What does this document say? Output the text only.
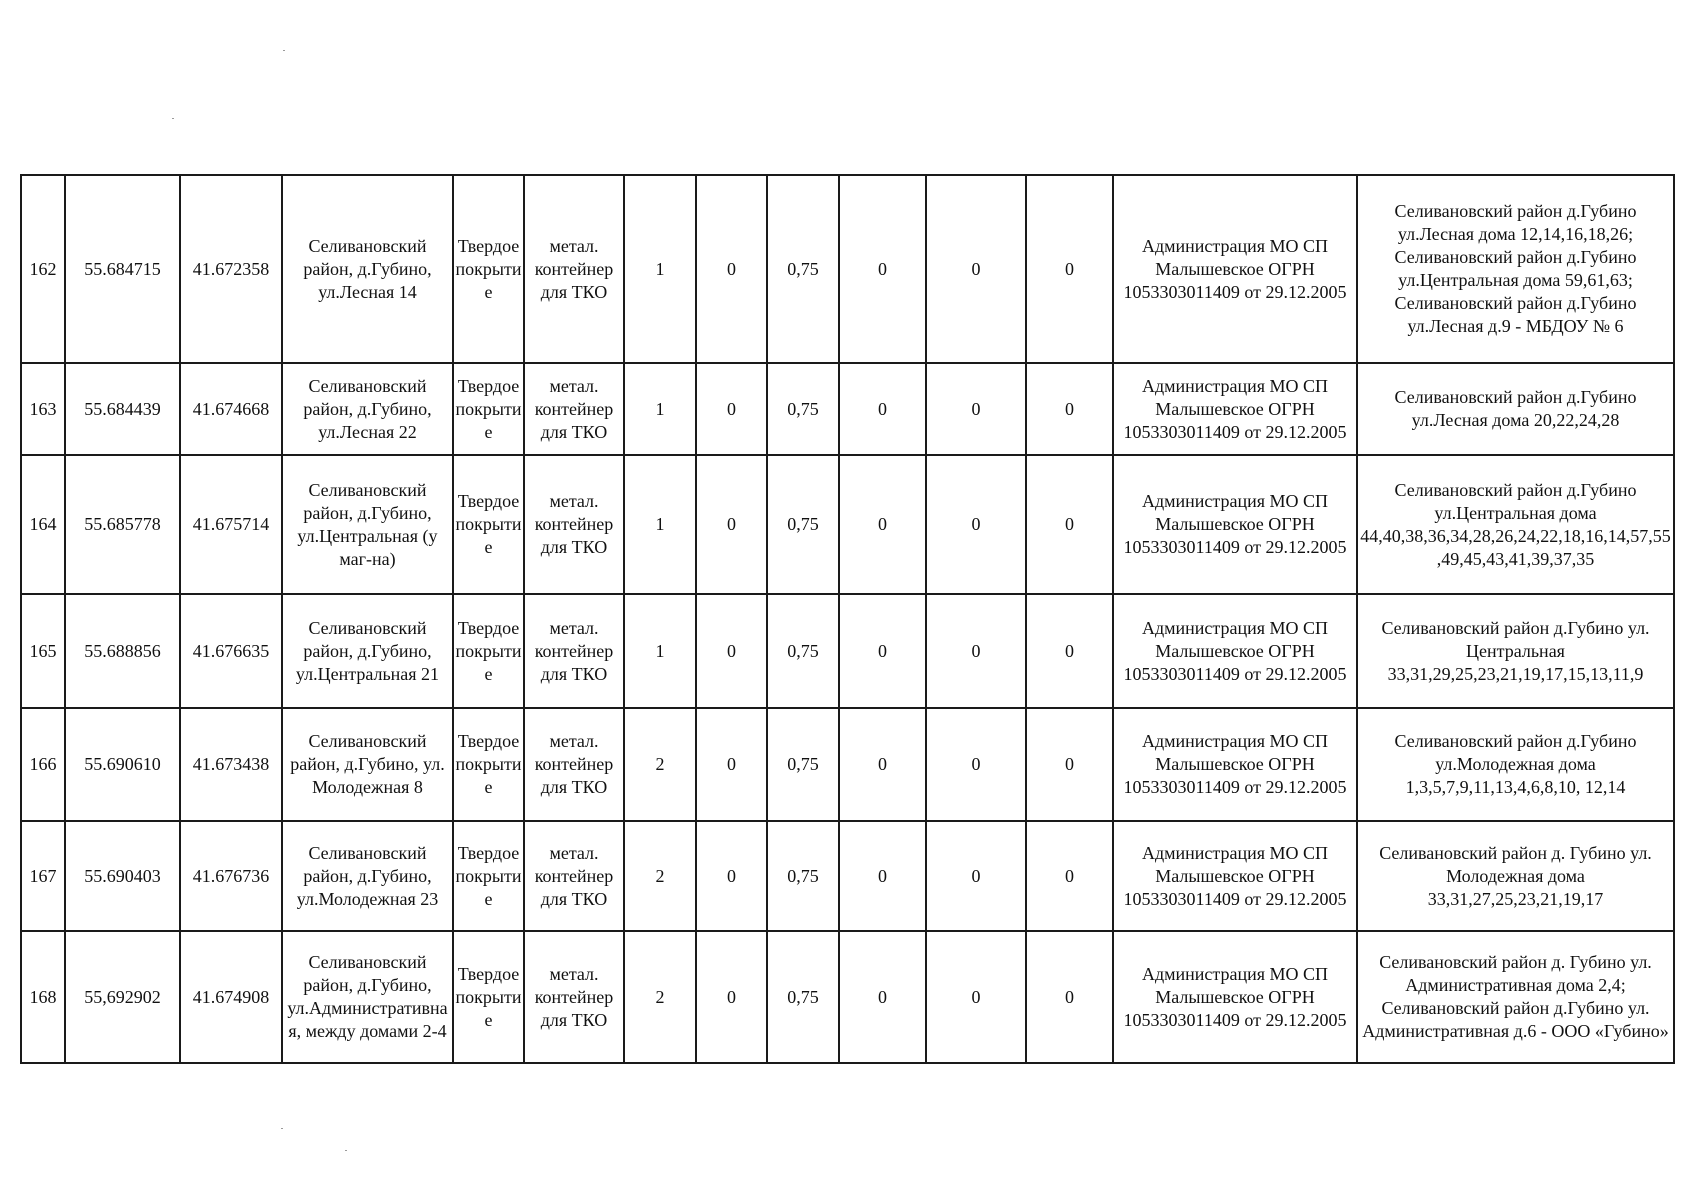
162	55.684715	41.672358	Селивановский район, д.Губино, ул.Лесная 14	Твердое покрытие	метал. контейнер для ТКО	1	0	0,75	0	0	0	Администрация МО СП Малышевское ОГРН 1053303011409 от 29.12.2005	Селивановский район д.Губино ул.Лесная дома 12,14,16,18,26; Селивановский район д.Губино ул.Центральная дома 59,61,63; Селивановский район д.Губино ул.Лесная д.9 - МБДОУ № 6
163	55.684439	41.674668	Селивановский район, д.Губино, ул.Лесная 22	Твердое покрытие	метал. контейнер для ТКО	1	0	0,75	0	0	0	Администрация МО СП Малышевское ОГРН 1053303011409 от 29.12.2005	Селивановский район д.Губино ул.Лесная дома 20,22,24,28
164	55.685778	41.675714	Селивановский район, д.Губино, ул.Центральная (у маг-на)	Твердое покрытие	метал. контейнер для ТКО	1	0	0,75	0	0	0	Администрация МО СП Малышевское ОГРН 1053303011409 от 29.12.2005	Селивановский район д.Губино ул.Центральная дома 44,40,38,36,34,28,26,24,22,18,16,14,57,55,49,45,43,41,39,37,35
165	55.688856	41.676635	Селивановский район, д.Губино, ул.Центральная 21	Твердое покрытие	метал. контейнер для ТКО	1	0	0,75	0	0	0	Администрация МО СП Малышевское ОГРН 1053303011409 от 29.12.2005	Селивановский район д.Губино ул. Центральная 33,31,29,25,23,21,19,17,15,13,11,9
166	55.690610	41.673438	Селивановский район, д.Губино, ул. Молодежная 8	Твердое покрытие	метал. контейнер для ТКО	2	0	0,75	0	0	0	Администрация МО СП Малышевское ОГРН 1053303011409 от 29.12.2005	Селивановский район д.Губино ул.Молодежная дома 1,3,5,7,9,11,13,4,6,8,10, 12,14
167	55.690403	41.676736	Селивановский район, д.Губино, ул.Молодежная 23	Твердое покрытие	метал. контейнер для ТКО	2	0	0,75	0	0	0	Администрация МО СП Малышевское ОГРН 1053303011409 от 29.12.2005	Селивановский район д. Губино ул. Молодежная дома 33,31,27,25,23,21,19,17
168	55,692902	41.674908	Селивановский район, д.Губино, ул.Административная, между домами 2-4	Твердое покрытие	метал. контейнер для ТКО	2	0	0,75	0	0	0	Администрация МО СП Малышевское ОГРН 1053303011409 от 29.12.2005	Селивановский район д. Губино ул. Административная дома 2,4; Селивановский район д.Губино ул. Административная д.6 - ООО «Губино»
